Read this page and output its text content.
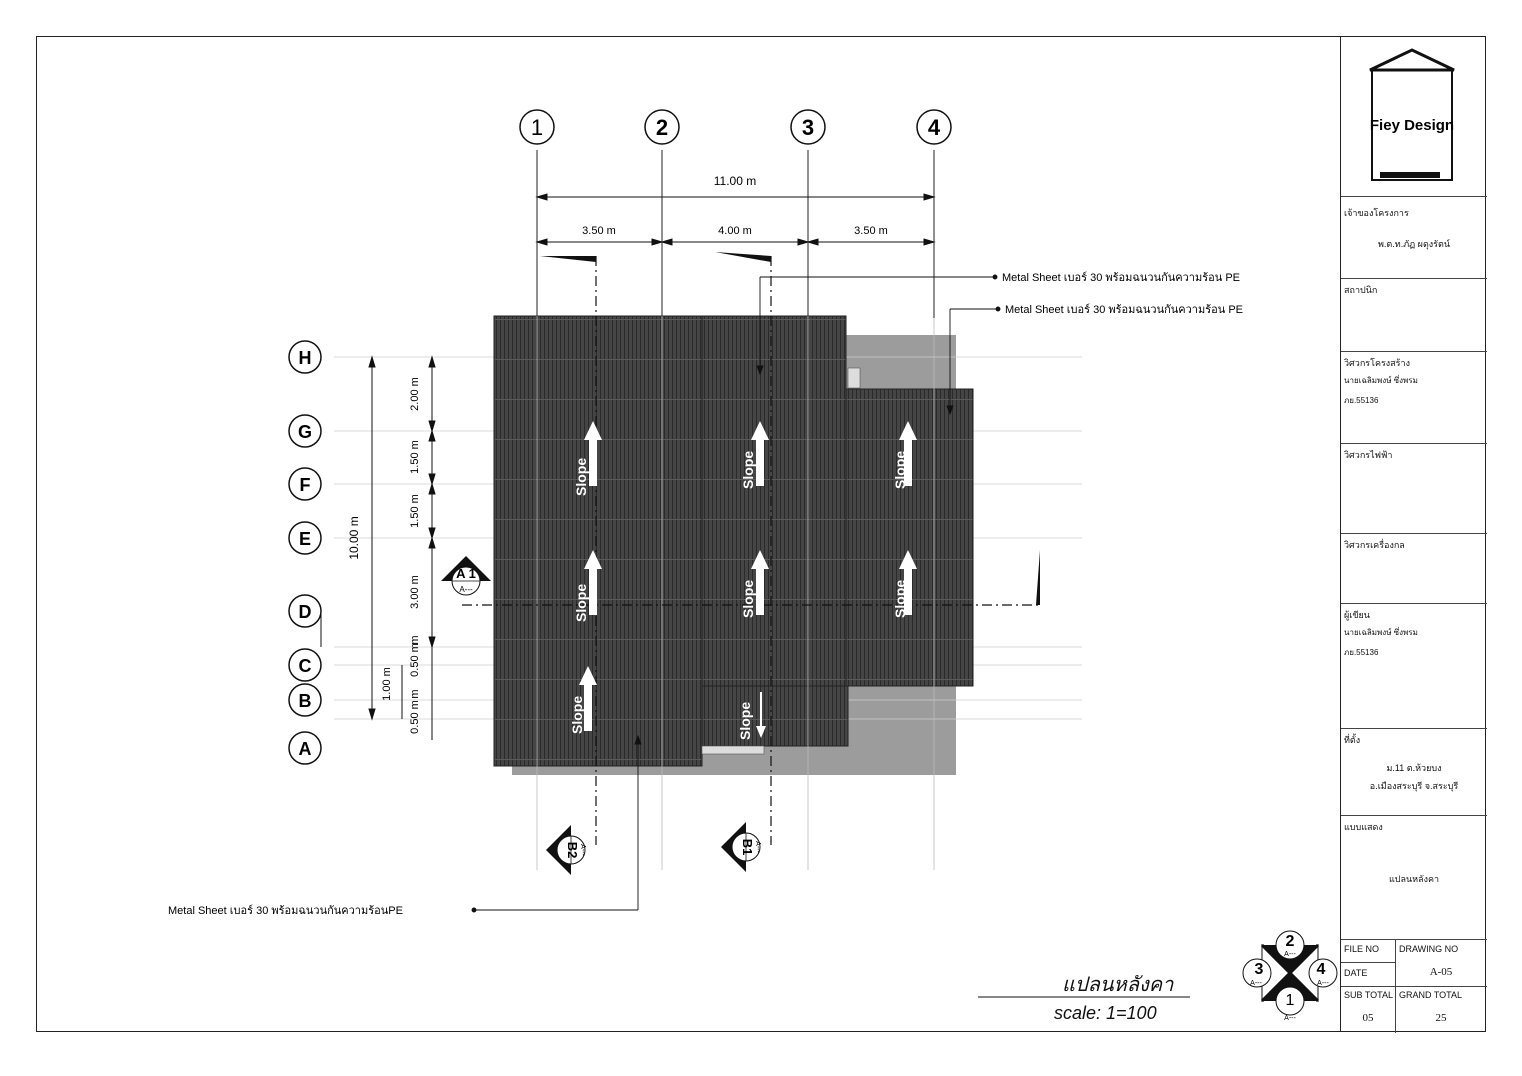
1	2	3	4
11.00 m
3.50 m	4.00 m	3.50 m
H
G
F
E
D
C
B
A
10.00 m
2.00 m
1.50 m
1.50 m
3.00 m
0.50 m
0.50 m
1.00 m
m
m
Slope	Slope	Slope
Slope	Slope	Slope
Slope	Slope
Metal Sheet เบอร์ 30 พร้อมฉนวนกันความร้อน PE
Metal Sheet เบอร์ 30 พร้อมฉนวนกันความร้อน PE
Metal Sheet เบอร์ 30 พร้อมฉนวนกันความร้อนPE
A 1
A---
B2 A---	B1 A---
2
A---
1
A---
3
A---
4
A---
Fiey Design
แปลนหลังคา
scale: 1=100
เจ้าของโครงการ
พ.ต.ท.ภัฏ ผดุงรัตน์
สถาปนิก
วิศวกรโครงสร้าง
นายเฉลิมพงษ์ ซึ่งพรม
ภย.55136
วิศวกรไฟฟ้า
วิศวกรเครื่องกล
ผู้เขียน
นายเฉลิมพงษ์ ซึ่งพรม
ภย.55136
ที่ตั้ง
ม.11 ต.ห้วยบง
อ.เมืองสระบุรี จ.สระบุรี
แบบแสดง
แปลนหลังคา
FILE NO DRAWING NO
DATE	A-05
SUB TOTAL GRAND TOTAL
05	25
